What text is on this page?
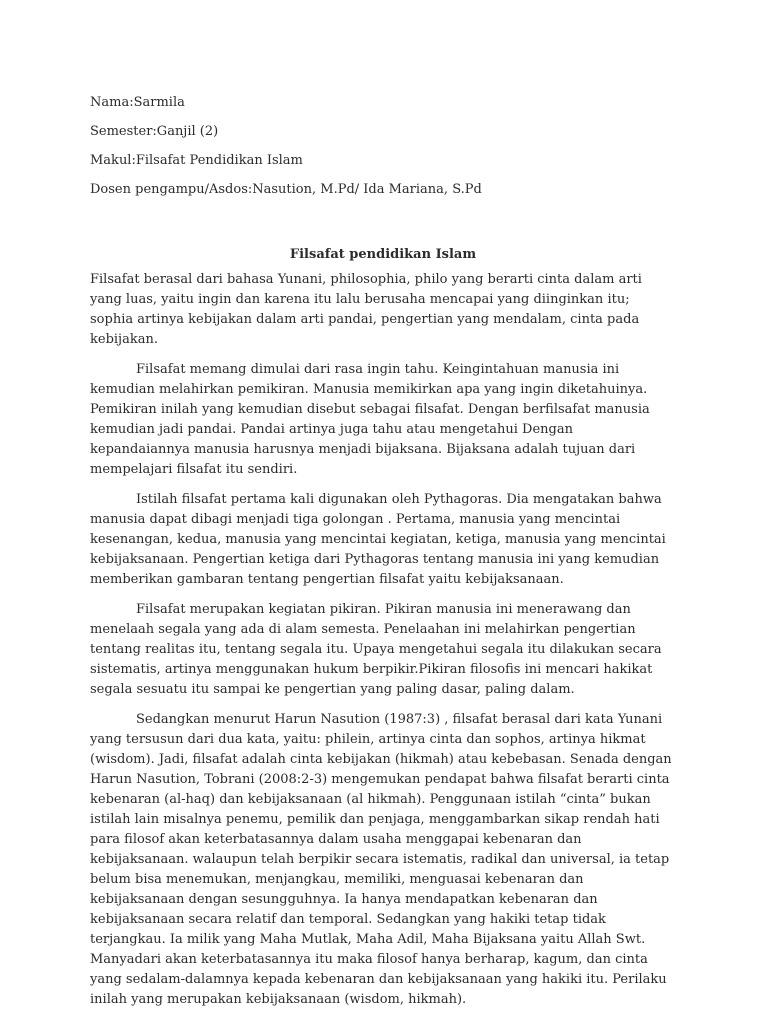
Nama:Sarmila

Semester:Ganjil (2)

Makul:Filsafat Pendidikan Islam

Dosen pengampu/Asdos:Nasution, M.Pd/ Ida Mariana, S.Pd

Filsafat pendidikan Islam

Filsafat berasal dari bahasa Yunani, philosophia, philo yang berarti cinta dalam arti yang luas, yaitu ingin dan karena itu lalu berusaha mencapai yang diinginkan itu; sophia artinya kebijakan dalam arti pandai, pengertian yang mendalam, cinta pada kebijakan.

Filsafat memang dimulai dari rasa ingin tahu. Keingintahuan manusia ini kemudian melahirkan pemikiran. Manusia memikirkan apa yang ingin diketahuinya. Pemikiran inilah yang kemudian disebut sebagai filsafat. Dengan berfilsafat manusia kemudian jadi pandai. Pandai artinya juga tahu atau mengetahui Dengan kepandaiannya manusia harusnya menjadi bijaksana. Bijaksana adalah tujuan dari mempelajari filsafat itu sendiri.

Istilah filsafat pertama kali digunakan oleh Pythagoras. Dia mengatakan bahwa manusia dapat dibagi menjadi tiga golongan . Pertama, manusia yang mencintai kesenangan, kedua, manusia yang mencintai kegiatan, ketiga, manusia yang mencintai kebijaksanaan. Pengertian ketiga dari Pythagoras tentang manusia ini yang kemudian memberikan gambaran tentang pengertian filsafat yaitu kebijaksanaan.

Filsafat merupakan kegiatan pikiran. Pikiran manusia ini menerawang dan menelaah segala yang ada di alam semesta. Penelaahan ini melahirkan pengertian tentang realitas itu, tentang segala itu. Upaya mengetahui segala itu dilakukan secara sistematis, artinya menggunakan hukum berpikir.Pikiran filosofis ini mencari hakikat segala sesuatu itu sampai ke pengertian yang paling dasar, paling dalam.

Sedangkan menurut Harun Nasution (1987:3) , filsafat berasal dari kata Yunani yang tersusun dari dua kata, yaitu: philein, artinya cinta dan sophos, artinya hikmat (wisdom). Jadi, filsafat adalah cinta kebijakan (hikmah) atau kebebasan. Senada dengan Harun Nasution, Tobrani (2008:2-3) mengemukan pendapat bahwa filsafat berarti cinta kebenaran (al-haq) dan kebijaksanaan (al hikmah). Penggunaan istilah “cinta” bukan istilah lain misalnya penemu, pemilik dan penjaga, menggambarkan sikap rendah hati para filosof akan keterbatasannya dalam usaha menggapai kebenaran dan kebijaksanaan. walaupun telah berpikir secara istematis, radikal dan universal, ia tetap belum bisa menemukan, menjangkau, memiliki, menguasai kebenaran dan kebijaksanaan dengan sesungguhnya. Ia hanya mendapatkan kebenaran dan kebijaksanaan secara relatif dan temporal. Sedangkan yang hakiki tetap tidak terjangkau. Ia milik yang Maha Mutlak, Maha Adil, Maha Bijaksana yaitu Allah Swt. Manyadari akan keterbatasannya itu maka filosof hanya berharap, kagum, dan cinta yang sedalam-dalamnya kepada kebenaran dan kebijaksanaan yang hakiki itu. Perilaku inilah yang merupakan kebijaksanaan (wisdom, hikmah).
